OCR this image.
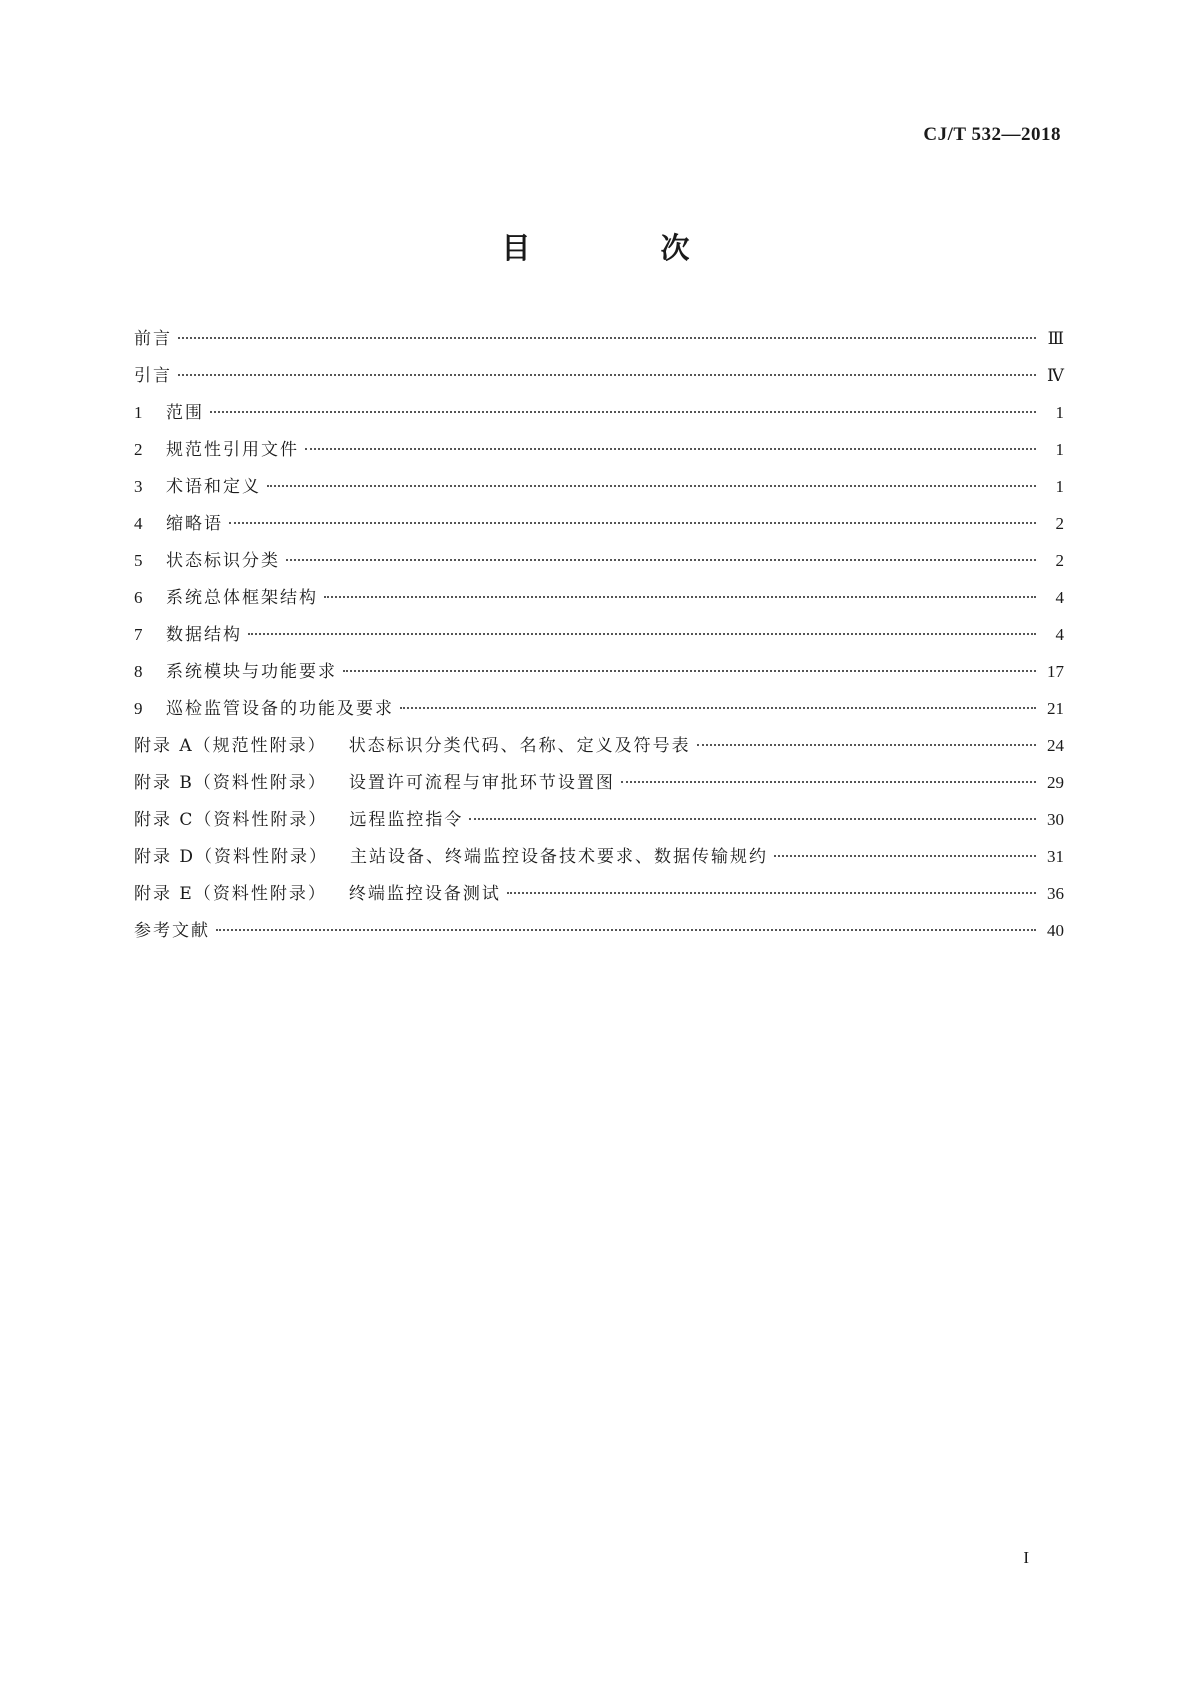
CJ/T 532—2018
目 次
前言	Ⅲ
引言	Ⅳ
1	范围	1
2	规范性引用文件	1
3	术语和定义	1
4	缩略语	2
5	状态标识分类	2
6	系统总体框架结构	4
7	数据结构	4
8	系统模块与功能要求	17
9	巡检监管设备的功能及要求	21
附录 A（规范性附录） 状态标识分类代码、名称、定义及符号表	24
附录 B（资料性附录） 设置许可流程与审批环节设置图	29
附录 C（资料性附录） 远程监控指令	30
附录 D（资料性附录） 主站设备、终端监控设备技术要求、数据传输规约	31
附录 E（资料性附录） 终端监控设备测试	36
参考文献	40
I
